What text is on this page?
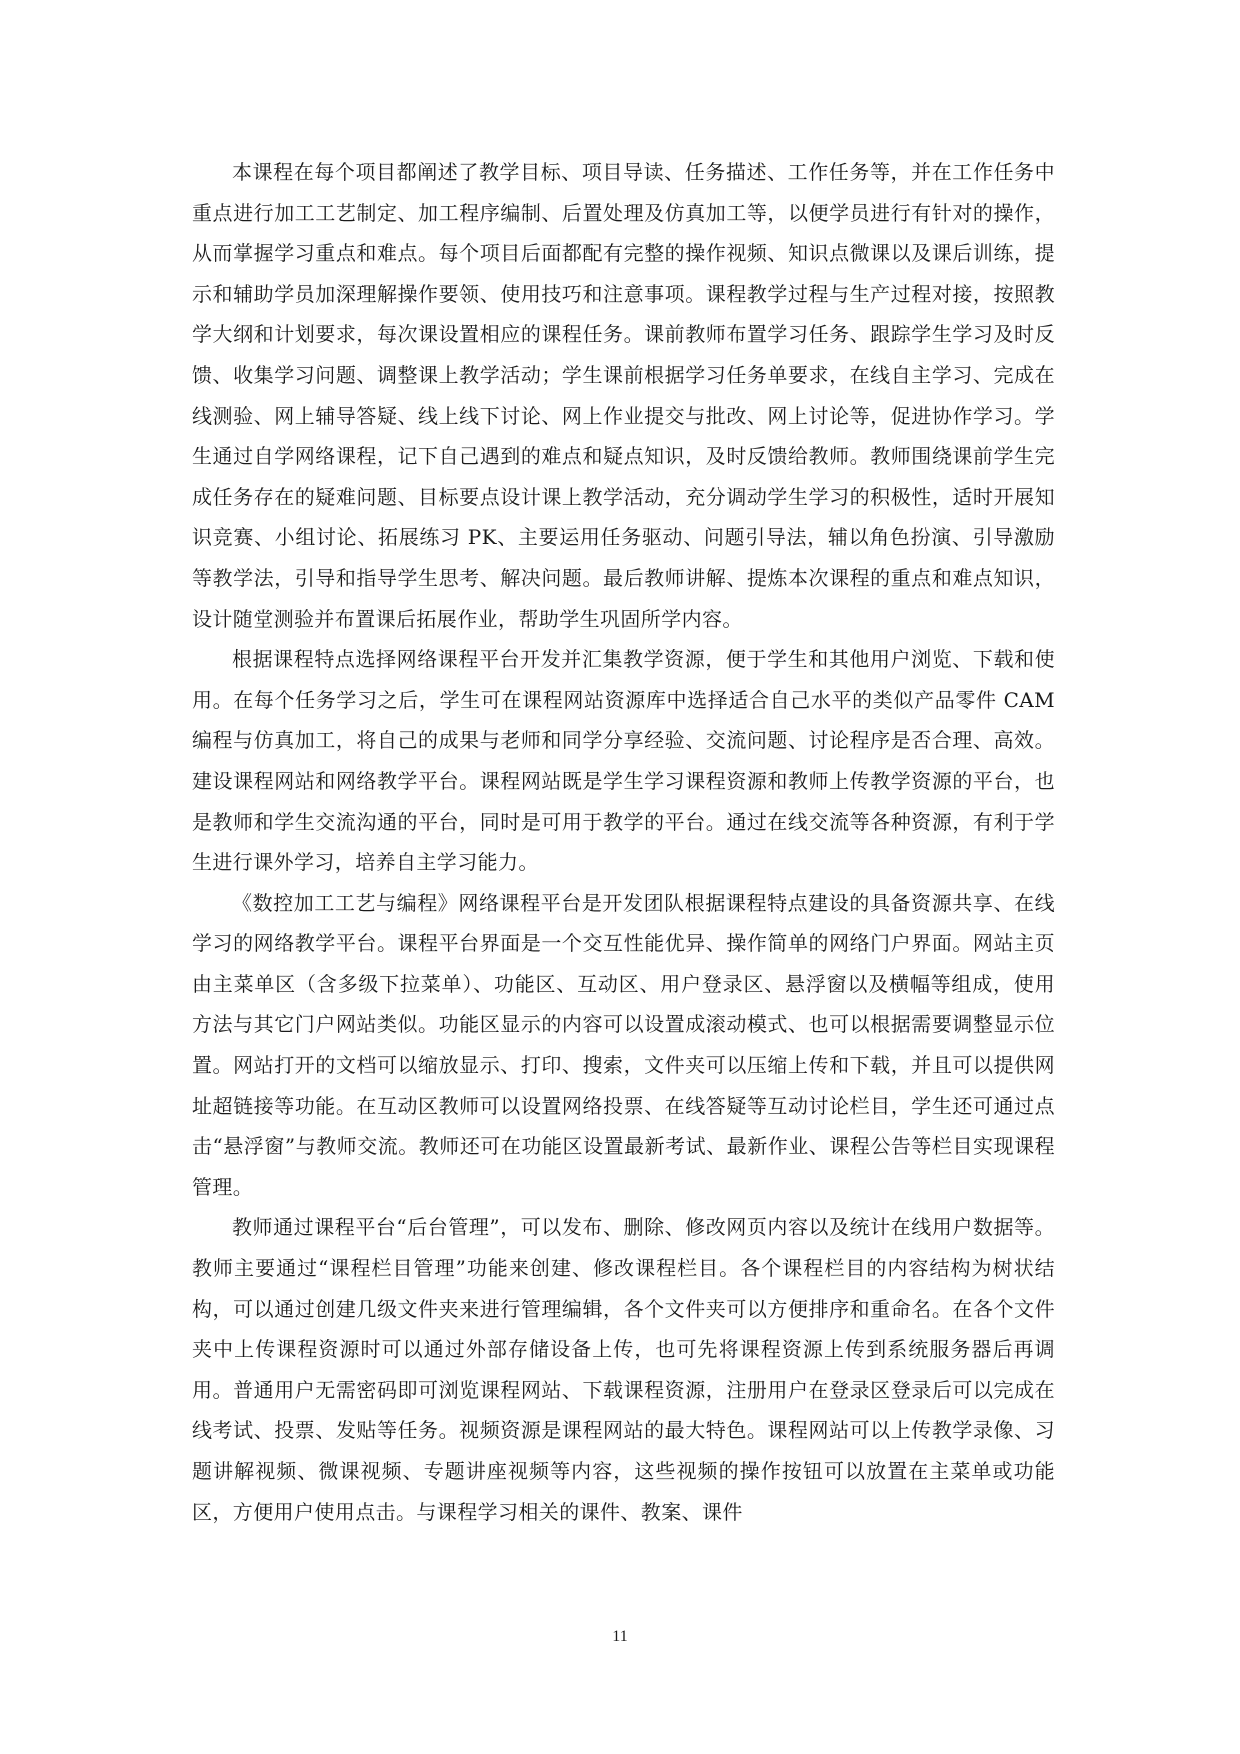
本课程在每个项目都阐述了教学目标、项目导读、任务描述、工作任务等，并在工作任务中重点进行加工工艺制定、加工程序编制、后置处理及仿真加工等，以便学员进行有针对的操作，从而掌握学习重点和难点。每个项目后面都配有完整的操作视频、知识点微课以及课后训练，提示和辅助学员加深理解操作要领、使用技巧和注意事项。课程教学过程与生产过程对接，按照教学大纲和计划要求，每次课设置相应的课程任务。课前教师布置学习任务、跟踪学生学习及时反馈、收集学习问题、调整课上教学活动；学生课前根据学习任务单要求，在线自主学习、完成在线测验、网上辅导答疑、线上线下讨论、网上作业提交与批改、网上讨论等，促进协作学习。学生通过自学网络课程，记下自己遇到的难点和疑点知识，及时反馈给教师。教师围绕课前学生完成任务存在的疑难问题、目标要点设计课上教学活动，充分调动学生学习的积极性，适时开展知识竞赛、小组讨论、拓展练习 PK、主要运用任务驱动、问题引导法，辅以角色扮演、引导激励等教学法，引导和指导学生思考、解决问题。最后教师讲解、提炼本次课程的重点和难点知识，设计随堂测验并布置课后拓展作业，帮助学生巩固所学内容。

根据课程特点选择网络课程平台开发并汇集教学资源，便于学生和其他用户浏览、下载和使用。在每个任务学习之后，学生可在课程网站资源库中选择适合自己水平的类似产品零件 CAM 编程与仿真加工，将自己的成果与老师和同学分享经验、交流问题、讨论程序是否合理、高效。建设课程网站和网络教学平台。课程网站既是学生学习课程资源和教师上传教学资源的平台，也是教师和学生交流沟通的平台，同时是可用于教学的平台。通过在线交流等各种资源，有利于学生进行课外学习，培养自主学习能力。

《数控加工工艺与编程》网络课程平台是开发团队根据课程特点建设的具备资源共享、在线学习的网络教学平台。课程平台界面是一个交互性能优异、操作简单的网络门户界面。网站主页由主菜单区（含多级下拉菜单）、功能区、互动区、用户登录区、悬浮窗以及横幅等组成，使用方法与其它门户网站类似。功能区显示的内容可以设置成滚动模式、也可以根据需要调整显示位置。网站打开的文档可以缩放显示、打印、搜索，文件夹可以压缩上传和下载，并且可以提供网址超链接等功能。在互动区教师可以设置网络投票、在线答疑等互动讨论栏目，学生还可通过点击“悬浮窗”与教师交流。教师还可在功能区设置最新考试、最新作业、课程公告等栏目实现课程管理。

教师通过课程平台“后台管理”，可以发布、删除、修改网页内容以及统计在线用户数据等。教师主要通过“课程栏目管理”功能来创建、修改课程栏目。各个课程栏目的内容结构为树状结构，可以通过创建几级文件夹来进行管理编辑，各个文件夹可以方便排序和重命名。在各个文件夹中上传课程资源时可以通过外部存储设备上传，也可先将课程资源上传到系统服务器后再调用。普通用户无需密码即可浏览课程网站、下载课程资源，注册用户在登录区登录后可以完成在线考试、投票、发贴等任务。视频资源是课程网站的最大特色。课程网站可以上传教学录像、习题讲解视频、微课视频、专题讲座视频等内容，这些视频的操作按钮可以放置在主菜单或功能区，方便用户使用点击。与课程学习相关的课件、教案、课件

11
